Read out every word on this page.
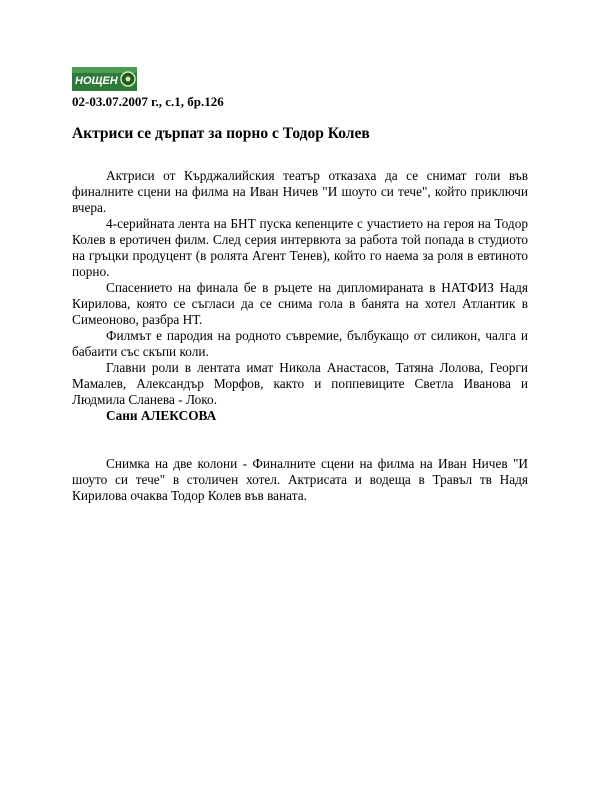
НОЩЕН
02-03.07.2007 г., с.1, бр.126
Актриси се дърпат за порно с Тодор Колев

Актриси от Кърджалийския театър отказаха да се снимат голи във финалните сцени на филма на Иван Ничев "И шоуто си тече", който приключи вчера.

4-серийната лента на БНТ пуска кепенците с участието на героя на Тодор Колев в еротичен филм. След серия интервюта за работа той попада в студиото на гръцки продуцент (в ролята Агент Тенев), който го наема за роля в евтиното порно.

Спасението на финала бе в ръцете на дипломиранатa в НАТФИЗ Надя Кирилова, която се съгласи да се снима гола в банята на хотел Атлантик в Симеоново, разбра НТ.

Филмът е пародия на родното съвремие, бълбукащо от силикон, чалга и бабаити със скъпи коли.

Главни роли в лентата имат Никола Анастасов, Татяна Лолова, Георги Мамалев, Александър Морфов, както и поппевиците Светла Иванова и Людмила Сланева - Локо.

Сани АЛЕКСОВА

Снимка на две колони - Финалните сцени на филма на Иван Ничев "И шоуто си тече" в столичен хотел. Актрисата и водеща в Травъл тв Надя Кирилова очаква Тодор Колев във ваната.
